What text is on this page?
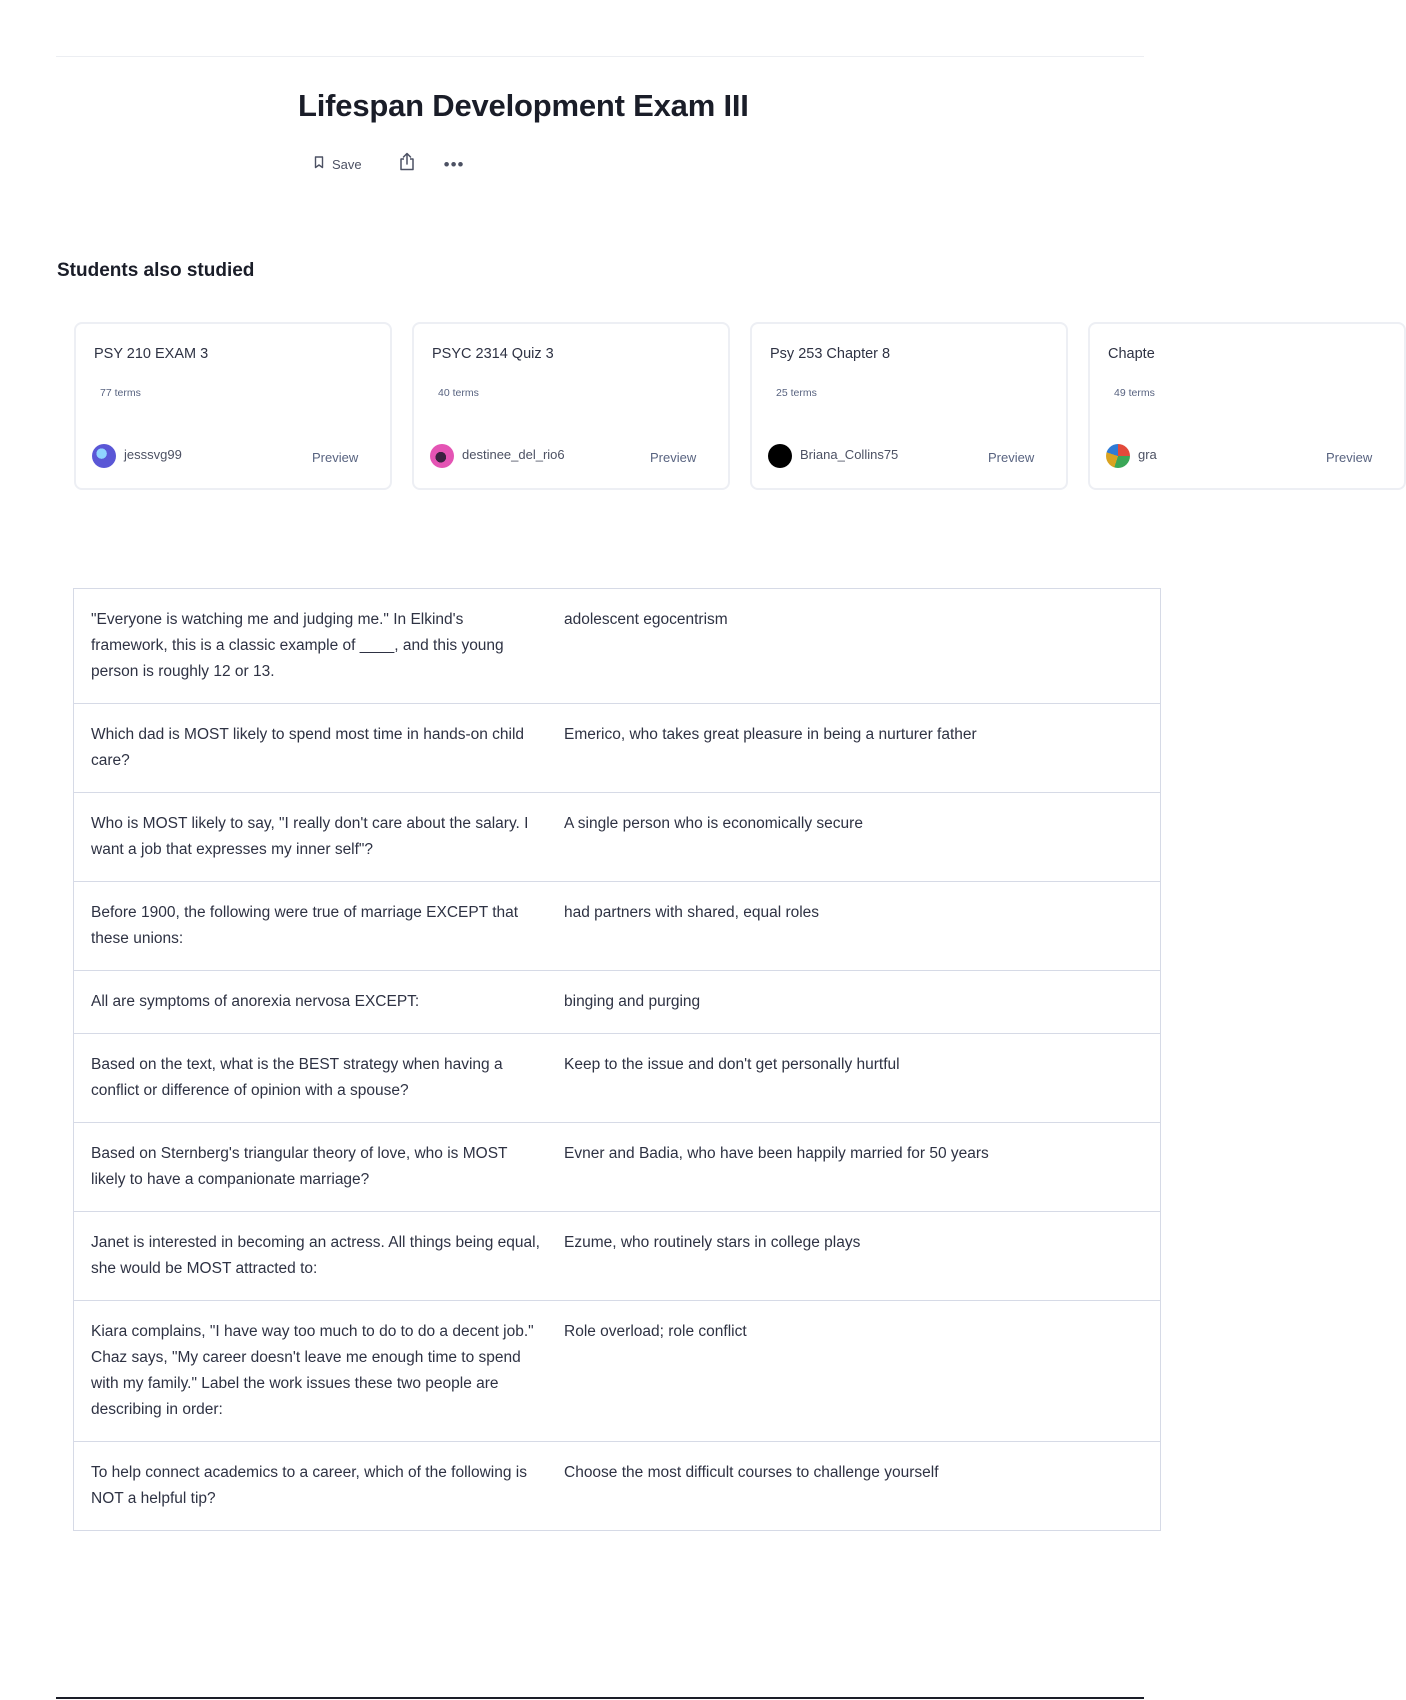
Lifespan Development Exam III
Save	•••
Students also studied
PSY 210 EXAM 3
77 terms
jesssvg99	Preview
PSYC 2314 Quiz 3
40 terms
destinee_del_rio6	Preview
Psy 253 Chapter 8
25 terms
Briana_Collins75	Preview
Chapte
49 terms
gra	Preview
"Everyone is watching me and judging me." In Elkind's framework, this is a classic example of ____, and this young person is roughly 12 or 13.	adolescent egocentrism
Which dad is MOST likely to spend most time in hands-on child care?	Emerico, who takes great pleasure in being a nurturer father
Who is MOST likely to say, "I really don't care about the salary. I want a job that expresses my inner self"?	A single person who is economically secure
Before 1900, the following were true of marriage EXCEPT that these unions:	had partners with shared, equal roles
All are symptoms of anorexia nervosa EXCEPT:	binging and purging
Based on the text, what is the BEST strategy when having a conflict or difference of opinion with a spouse?	Keep to the issue and don't get personally hurtful
Based on Sternberg's triangular theory of love, who is MOST likely to have a companionate marriage?	Evner and Badia, who have been happily married for 50 years
Janet is interested in becoming an actress. All things being equal, she would be MOST attracted to:	Ezume, who routinely stars in college plays
Kiara complains, "I have way too much to do to do a decent job." Chaz says, "My career doesn't leave me enough time to spend with my family." Label the work issues these two people are describing in order:	Role overload; role conflict
To help connect academics to a career, which of the following is NOT a helpful tip?	Choose the most difficult courses to challenge yourself
